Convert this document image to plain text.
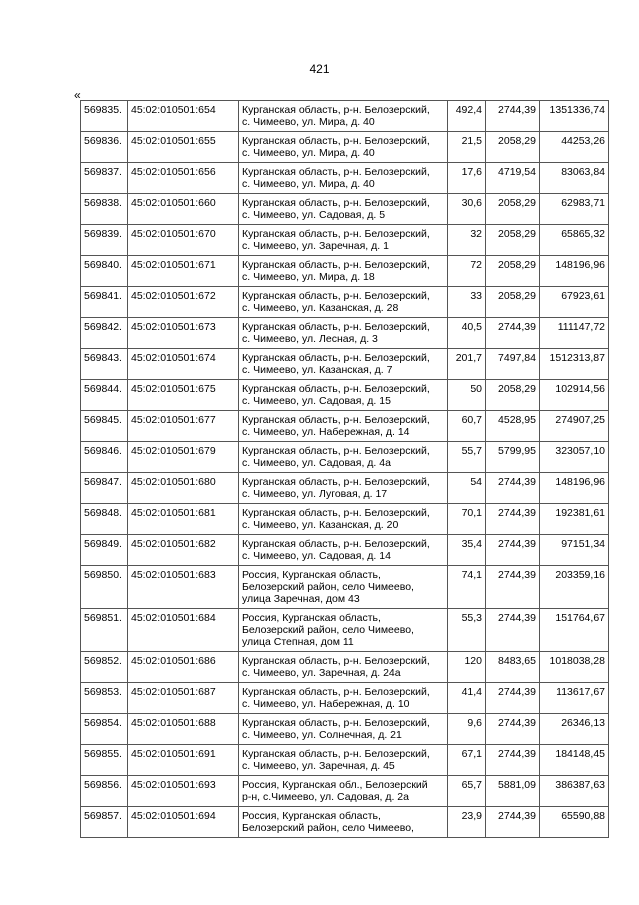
421
«
569835.	45:02:010501:654	Курганская область, р-н. Белозерский,
с. Чимеево, ул. Мира, д. 40	492,4	2744,39	1351336,74
569836.	45:02:010501:655	Курганская область, р-н. Белозерский,
с. Чимеево, ул. Мира, д. 40	21,5	2058,29	44253,26
569837.	45:02:010501:656	Курганская область, р-н. Белозерский,
с. Чимеево, ул. Мира, д. 40	17,6	4719,54	83063,84
569838.	45:02:010501:660	Курганская область, р-н. Белозерский,
с. Чимеево, ул. Садовая, д. 5	30,6	2058,29	62983,71
569839.	45:02:010501:670	Курганская область, р-н. Белозерский,
с. Чимеево, ул. Заречная, д. 1	32	2058,29	65865,32
569840.	45:02:010501:671	Курганская область, р-н. Белозерский,
с. Чимеево, ул. Мира, д. 18	72	2058,29	148196,96
569841.	45:02:010501:672	Курганская область, р-н. Белозерский,
с. Чимеево, ул. Казанская, д. 28	33	2058,29	67923,61
569842.	45:02:010501:673	Курганская область, р-н. Белозерский,
с. Чимеево, ул. Лесная, д. 3	40,5	2744,39	111147,72
569843.	45:02:010501:674	Курганская область, р-н. Белозерский,
с. Чимеево, ул. Казанская, д. 7	201,7	7497,84	1512313,87
569844.	45:02:010501:675	Курганская область, р-н. Белозерский,
с. Чимеево, ул. Садовая, д. 15	50	2058,29	102914,56
569845.	45:02:010501:677	Курганская область, р-н. Белозерский,
с. Чимеево, ул. Набережная, д. 14	60,7	4528,95	274907,25
569846.	45:02:010501:679	Курганская область, р-н. Белозерский,
с. Чимеево, ул. Садовая, д. 4а	55,7	5799,95	323057,10
569847.	45:02:010501:680	Курганская область, р-н. Белозерский,
с. Чимеево, ул. Луговая, д. 17	54	2744,39	148196,96
569848.	45:02:010501:681	Курганская область, р-н. Белозерский,
с. Чимеево, ул. Казанская, д. 20	70,1	2744,39	192381,61
569849.	45:02:010501:682	Курганская область, р-н. Белозерский,
с. Чимеево, ул. Садовая, д. 14	35,4	2744,39	97151,34
569850.	45:02:010501:683	Россия, Курганская область,
Белозерский район, село Чимеево,
улица Заречная, дом 43	74,1	2744,39	203359,16
569851.	45:02:010501:684	Россия, Курганская область,
Белозерский район, село Чимеево,
улица Степная, дом 11	55,3	2744,39	151764,67
569852.	45:02:010501:686	Курганская область, р-н. Белозерский,
с. Чимеево, ул. Заречная, д. 24а	120	8483,65	1018038,28
569853.	45:02:010501:687	Курганская область, р-н. Белозерский,
с. Чимеево, ул. Набережная, д. 10	41,4	2744,39	113617,67
569854.	45:02:010501:688	Курганская область, р-н. Белозерский,
с. Чимеево, ул. Солнечная, д. 21	9,6	2744,39	26346,13
569855.	45:02:010501:691	Курганская область, р-н. Белозерский,
с. Чимеево, ул. Заречная, д. 45	67,1	2744,39	184148,45
569856.	45:02:010501:693	Россия, Курганская обл., Белозерский
р-н, с.Чимеево, ул. Садовая, д. 2а	65,7	5881,09	386387,63
569857.	45:02:010501:694	Россия, Курганская область,
Белозерский район, село Чимеево,	23,9	2744,39	65590,88
